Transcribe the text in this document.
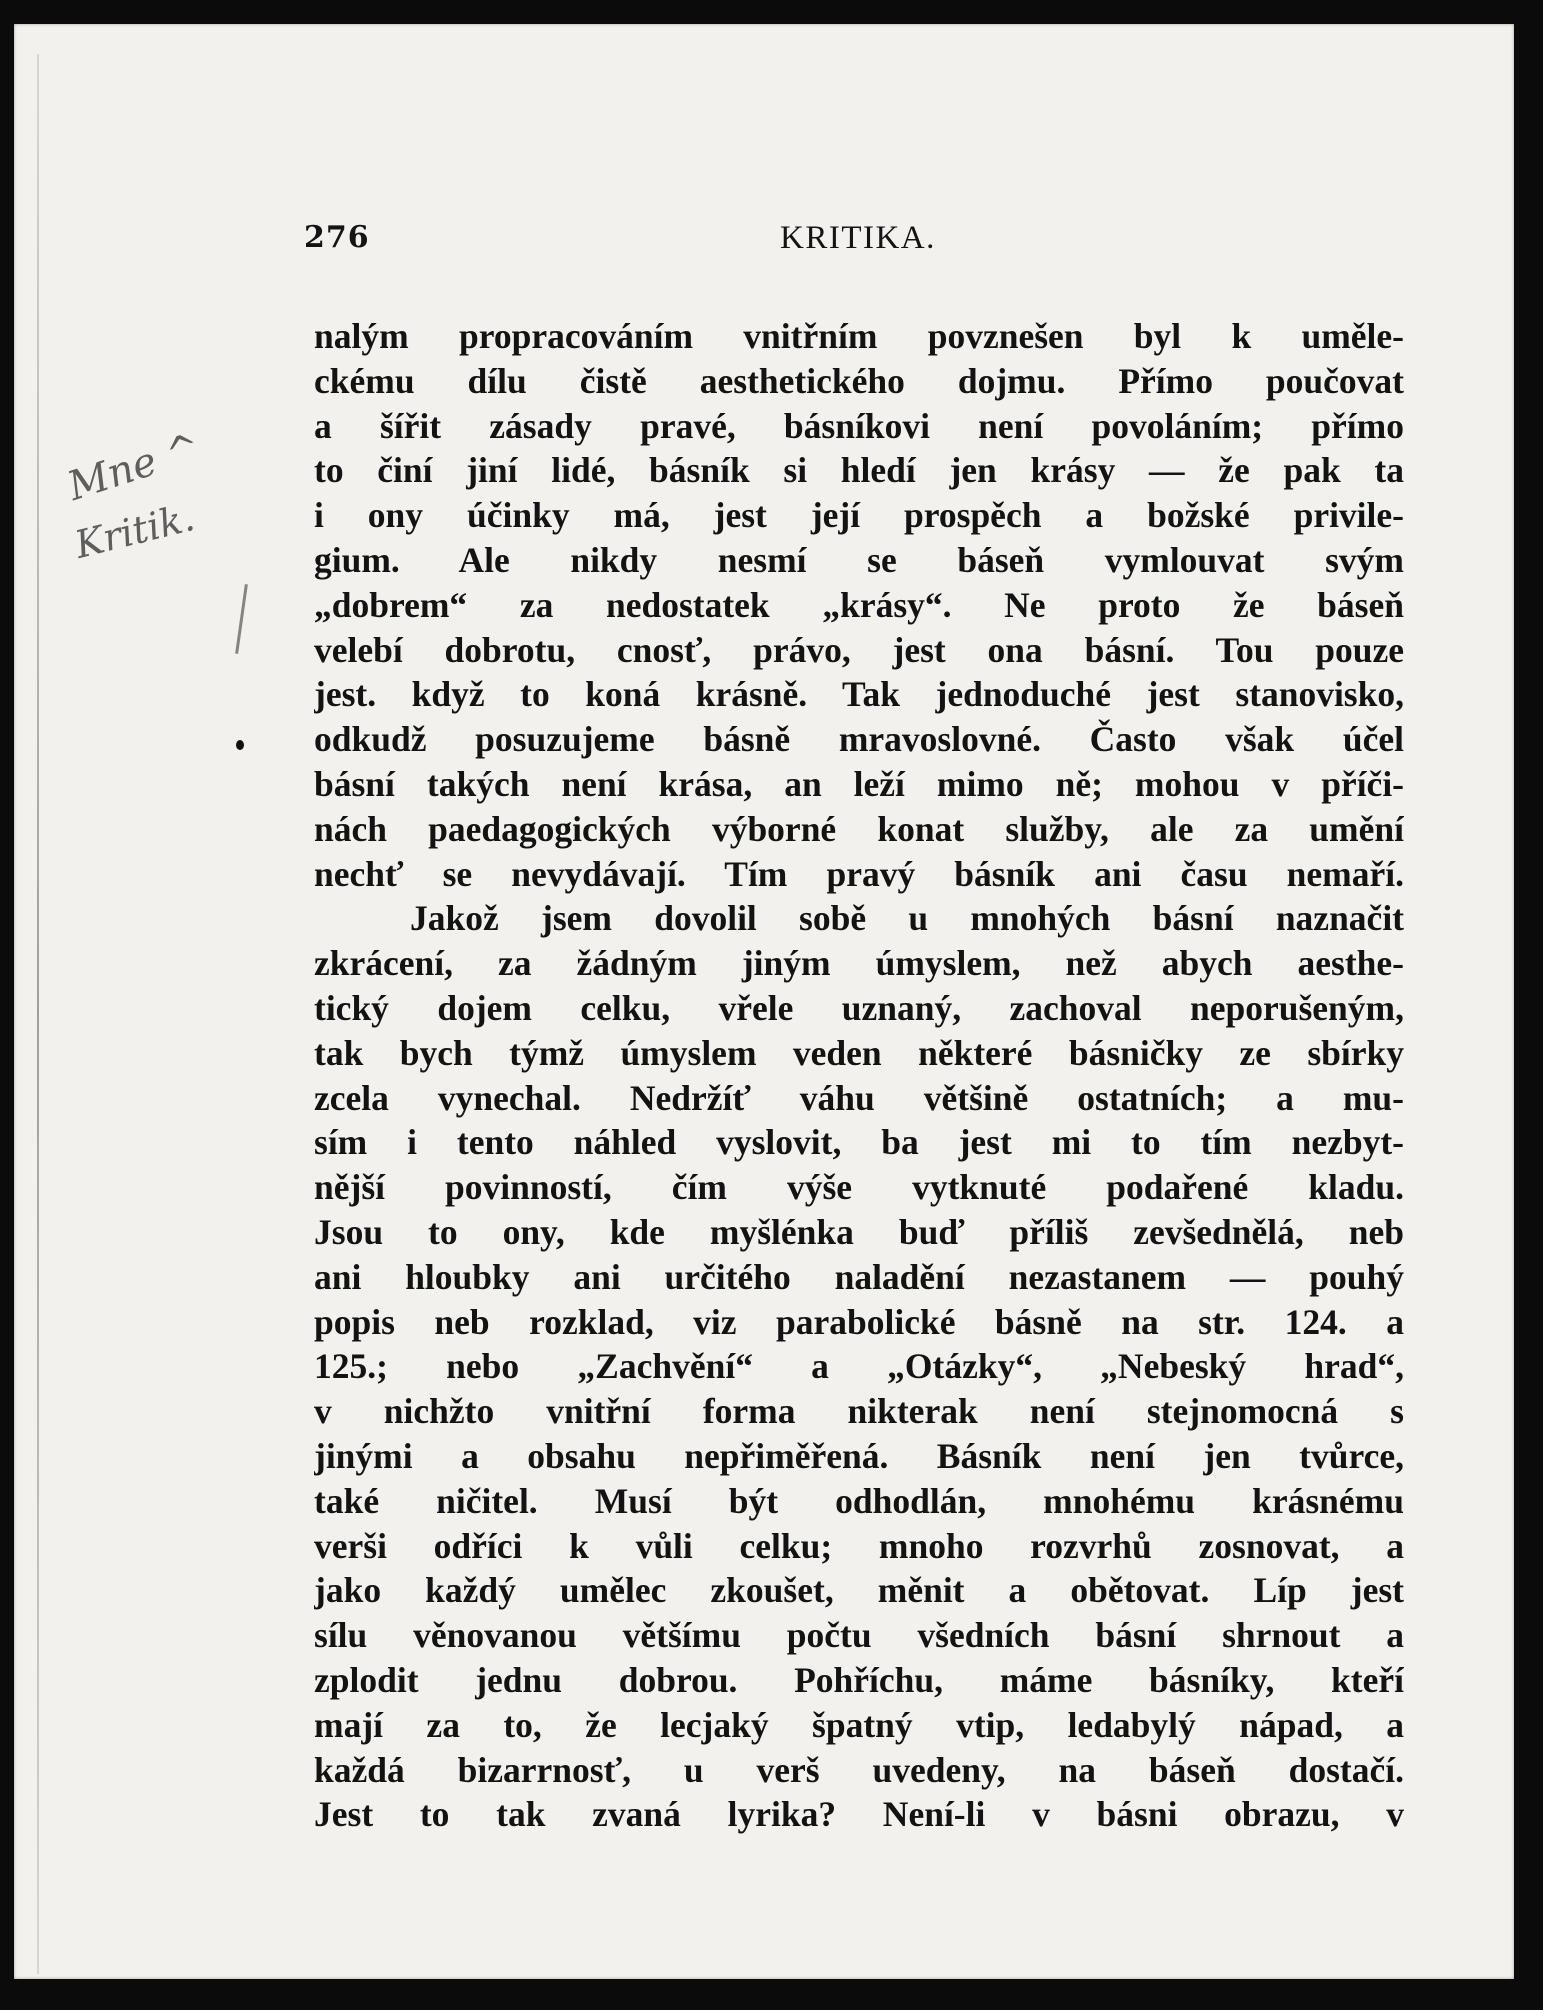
276	KRITIKA.
Mne ^
Kritik.
nalým propracováním vnitřním povznešen byl k uměle-
ckému dílu čistě aesthetického dojmu. Přímo poučovat
a šířit zásady pravé, básníkovi není povoláním; přímo
to činí jiní lidé, básník si hledí jen krásy — že pak ta
i ony účinky má, jest její prospěch a božské privile-
gium. Ale nikdy nesmí se báseň vymlouvat svým
„dobrem“ za nedostatek „krásy“. Ne proto že báseň
velebí dobrotu, cnosť, právo, jest ona básní. Tou pouze
jest. když to koná krásně. Tak jednoduché jest stanovisko,
odkudž posuzujeme básně mravoslovné. Často však účel
básní takých není krása, an leží mimo ně; mohou v příči-
nách paedagogických výborné konat služby, ale za umění
nechť se nevydávají. Tím pravý básník ani času nemaří.
Jakož jsem dovolil sobě u mnohých básní naznačit
zkrácení, za žádným jiným úmyslem, než abych aesthe-
tický dojem celku, vřele uznaný, zachoval neporušeným,
tak bych týmž úmyslem veden některé básničky ze sbírky
zcela vynechal. Nedržíť váhu většině ostatních; a mu-
sím i tento náhled vyslovit, ba jest mi to tím nezbyt-
nější povinností, čím výše vytknuté podařené kladu.
Jsou to ony, kde myšlénka buď příliš zevšednělá, neb
ani hloubky ani určitého naladění nezastanem — pouhý
popis neb rozklad, viz parabolické básně na str. 124. a
125.; nebo „Zachvění“ a „Otázky“, „Nebeský hrad“,
v nichžto vnitřní forma nikterak není stejnomocná s
jinými a obsahu nepřiměřená. Básník není jen tvůrce,
také ničitel. Musí být odhodlán, mnohému krásnému
verši odříci k vůli celku; mnoho rozvrhů zosnovat, a
jako každý umělec zkoušet, měnit a obětovat. Líp jest
sílu věnovanou většímu počtu všedních básní shrnout a
zplodit jednu dobrou. Pohříchu, máme básníky, kteří
mají za to, že lecjaký špatný vtip, ledabylý nápad, a
každá bizarrnosť, u verš uvedeny, na báseň dostačí.
Jest to tak zvaná lyrika? Není-li v básni obrazu, v
